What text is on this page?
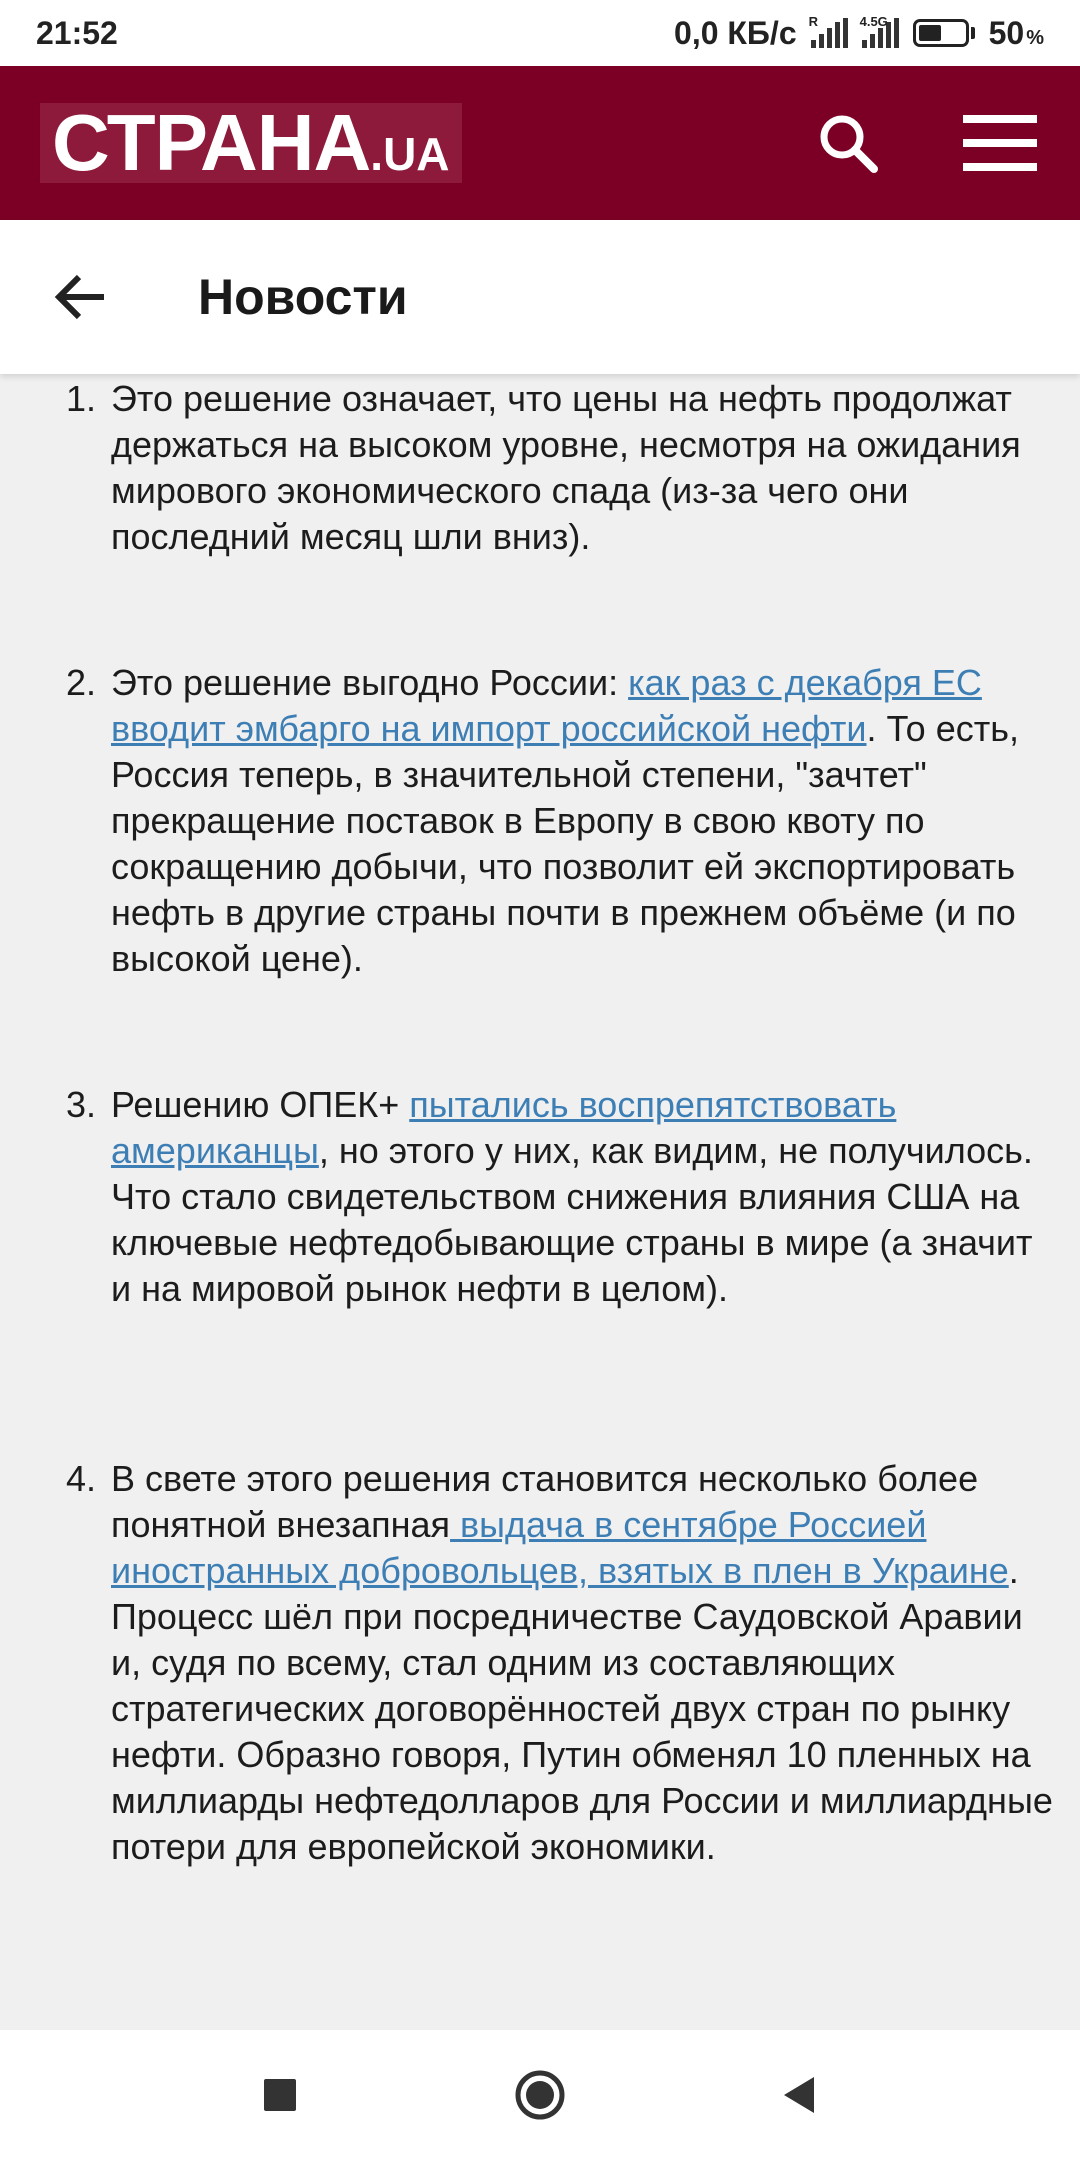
21:52	0,0 КБ/с R	4.5G	50 %
СТРАНА .UA
Новости
1. Это решение означает, что цены на нефть продолжат держаться на высоком уровне, несмотря на ожидания мирового экономического спада (из-за чего они последний месяц шли вниз).
2. Это решение выгодно России: как раз с декабря ЕС вводит эмбарго на импорт российской нефти. То есть, Россия теперь, в значительной степени, "зачтет" прекращение поставок в Европу в свою квоту по сокращению добычи, что позволит ей экспортировать нефть в другие страны почти в прежнем объёме (и по высокой цене).
3. Решению ОПЕК+ пытались воспрепятствовать американцы, но этого у них, как видим, не получилось. Что стало свидетельством снижения влияния США на ключевые нефтедобывающие страны в мире (а значит и на мировой рынок нефти в целом).
4. В свете этого решения становится несколько более понятной внезапная выдача в сентябре Россией иностранных добровольцев, взятых в плен в Украине. Процесс шёл при посредничестве Саудовской Аравии и, судя по всему, стал одним из составляющих стратегических договорённостей двух стран по рынку нефти. Образно говоря, Путин обменял 10 пленных на миллиарды нефтедолларов для России и миллиардные потери для европейской экономики.
